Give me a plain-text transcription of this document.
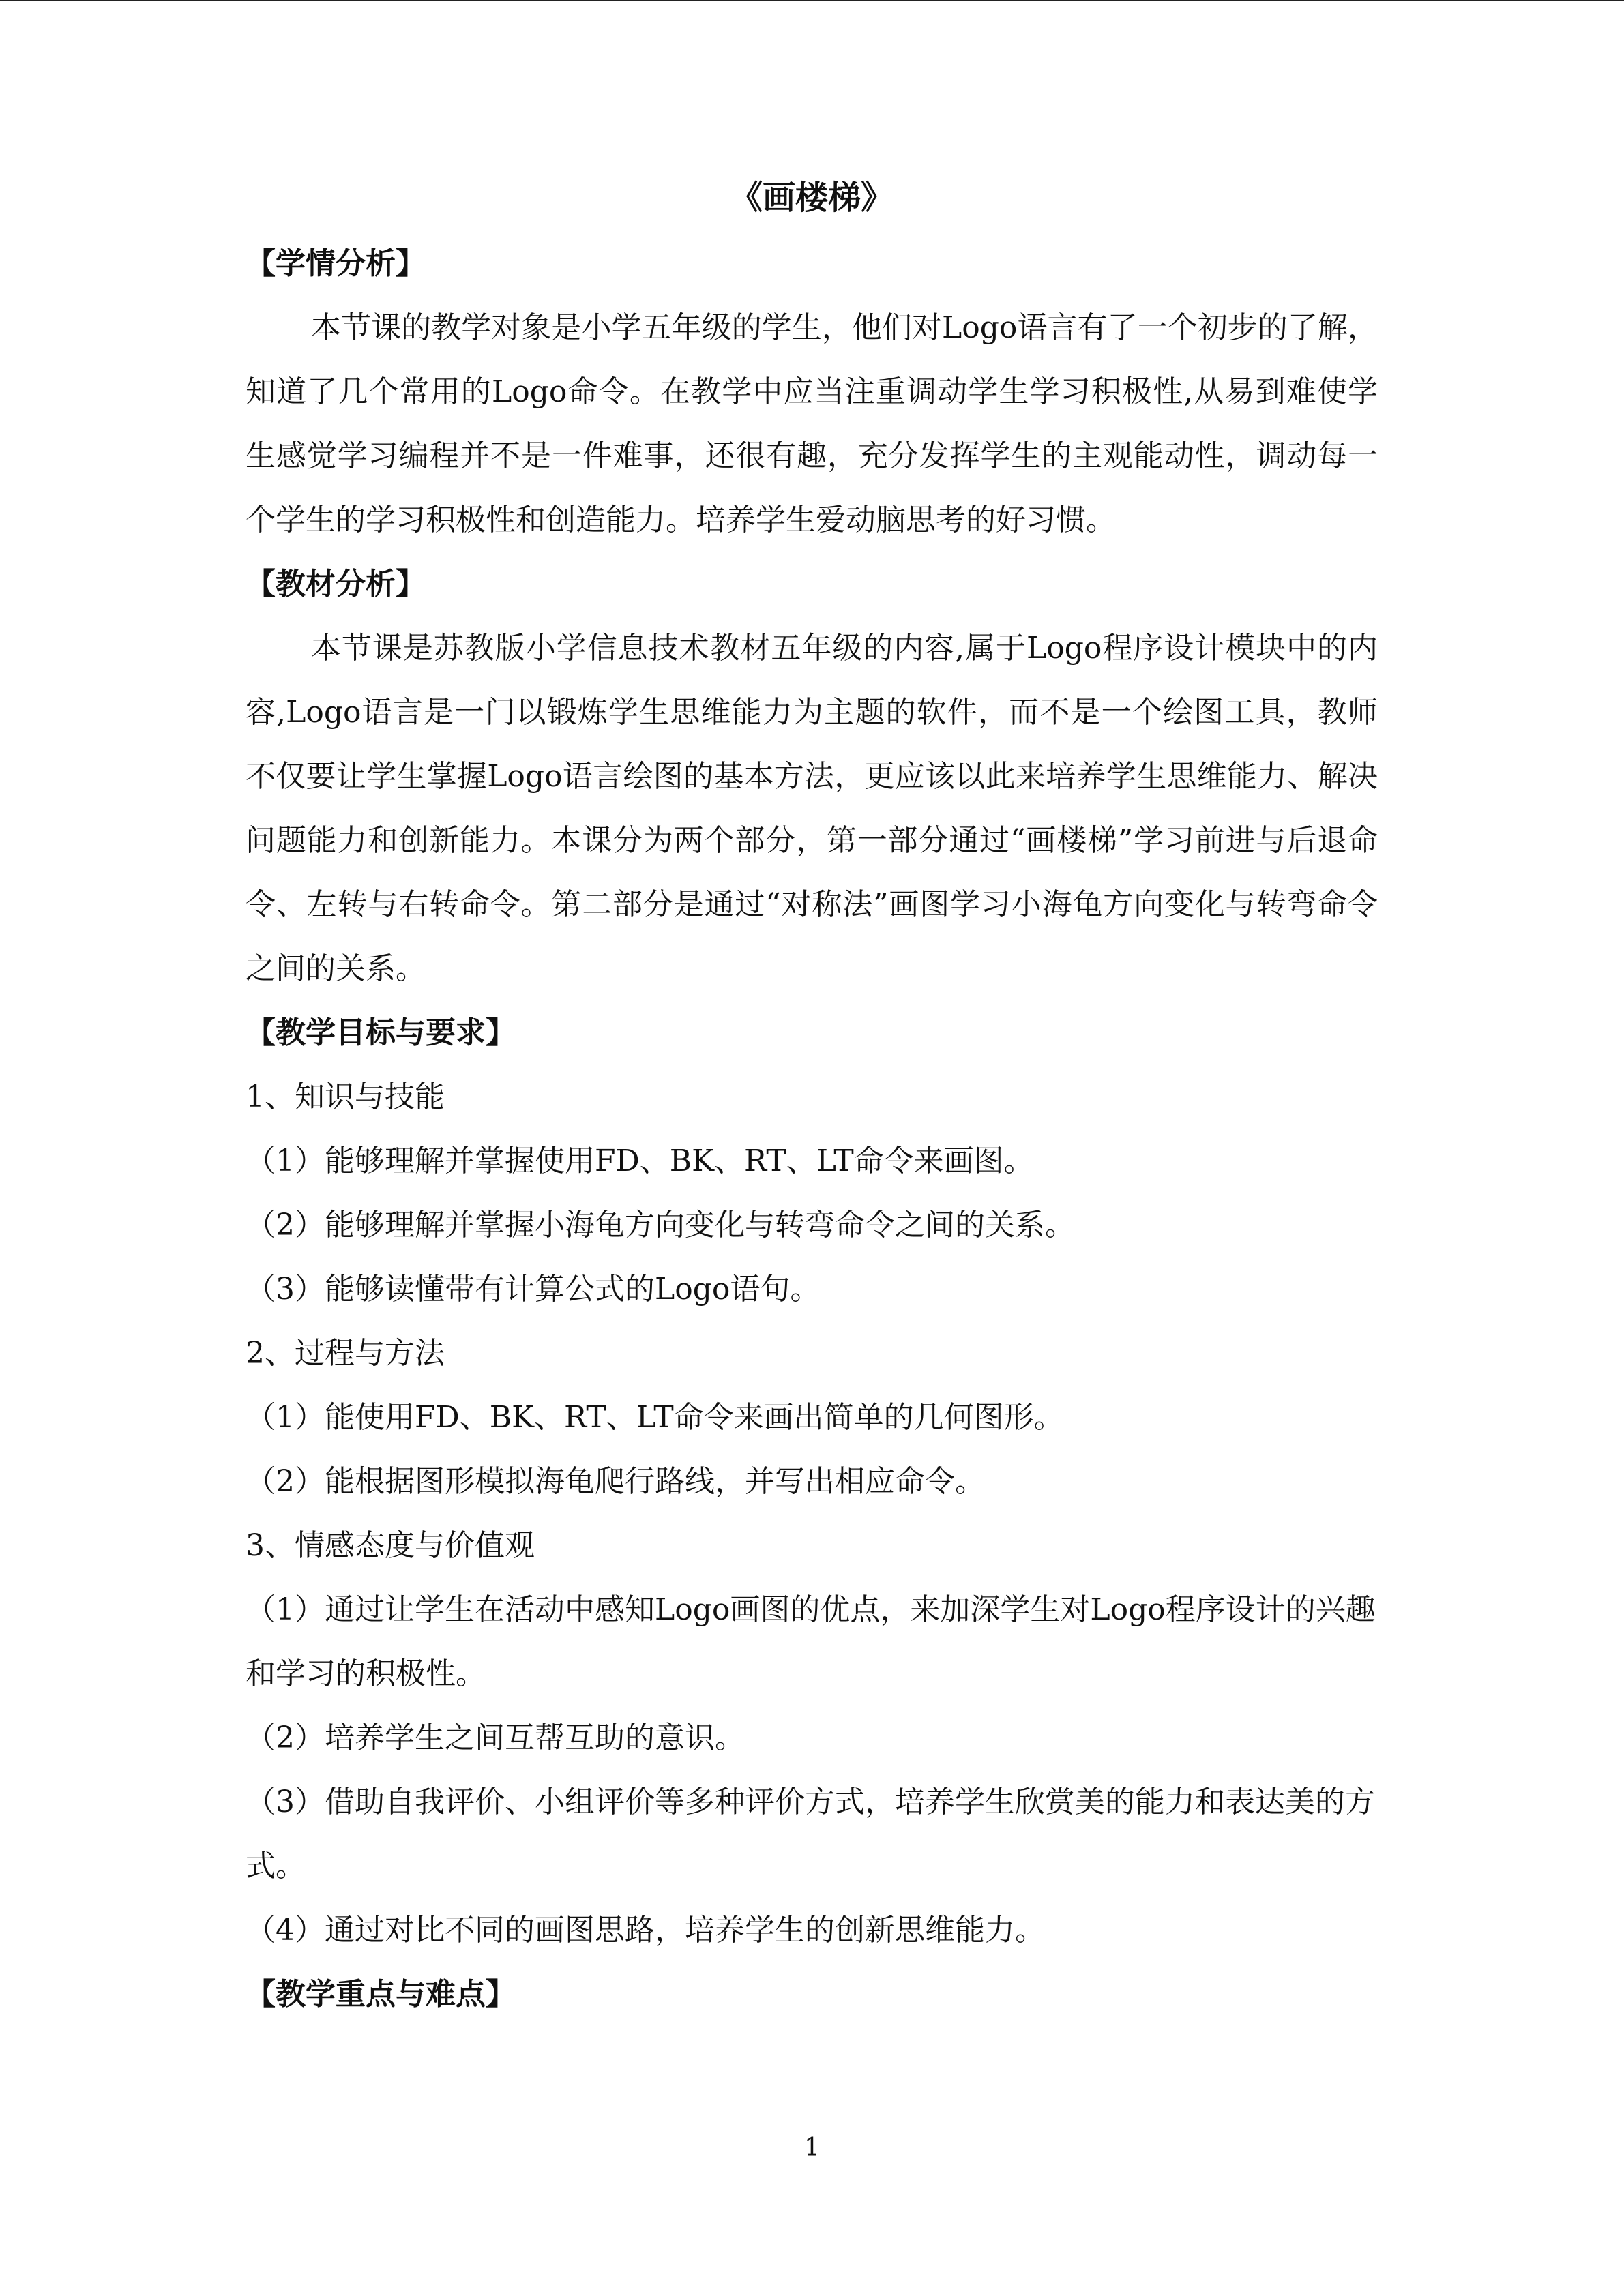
《画楼梯》

【学情分析】

本节课的教学对象是小学五年级的学生，他们对Logo语言有了一个初步的了解，知道了几个常用的Logo命令。在教学中应当注重调动学生学习积极性,从易到难使学生感觉学习编程并不是一件难事，还很有趣，充分发挥学生的主观能动性，调动每一个学生的学习积极性和创造能力。培养学生爱动脑思考的好习惯。

【教材分析】

本节课是苏教版小学信息技术教材五年级的内容,属于Logo程序设计模块中的内容,Logo语言是一门以锻炼学生思维能力为主题的软件，而不是一个绘图工具，教师不仅要让学生掌握Logo语言绘图的基本方法，更应该以此来培养学生思维能力、解决问题能力和创新能力。本课分为两个部分，第一部分通过“画楼梯”学习前进与后退命令、左转与右转命令。第二部分是通过“对称法”画图学习小海龟方向变化与转弯命令之间的关系。

【教学目标与要求】

1、知识与技能

（1）能够理解并掌握使用FD、BK、RT、LT命令来画图。

（2）能够理解并掌握小海龟方向变化与转弯命令之间的关系。

（3）能够读懂带有计算公式的Logo语句。

2、过程与方法

（1）能使用FD、BK、RT、LT命令来画出简单的几何图形。

（2）能根据图形模拟海龟爬行路线，并写出相应命令。

3、情感态度与价值观

（1）通过让学生在活动中感知Logo画图的优点，来加深学生对Logo程序设计的兴趣和学习的积极性。

（2）培养学生之间互帮互助的意识。

（3）借助自我评价、小组评价等多种评价方式，培养学生欣赏美的能力和表达美的方式。

（4）通过对比不同的画图思路，培养学生的创新思维能力。

【教学重点与难点】

1
